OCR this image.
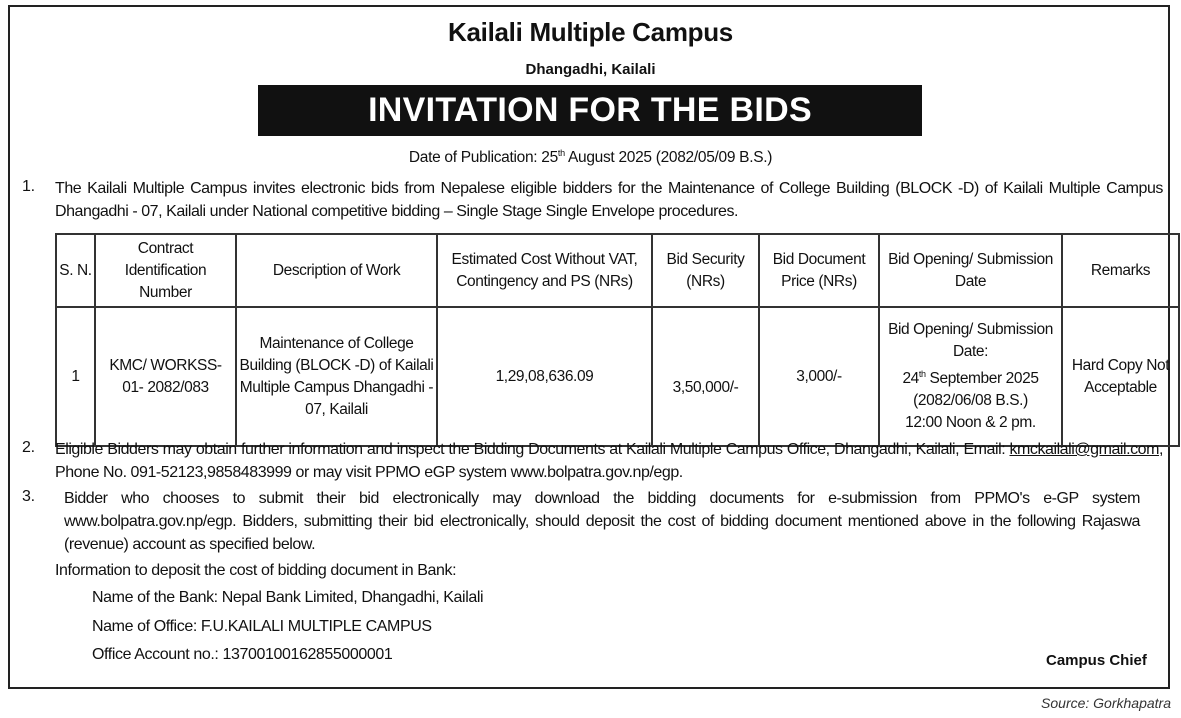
Kailali Multiple Campus
Dhangadhi, Kailali
INVITATION FOR THE BIDS
Date of Publication: 25th August 2025 (2082/05/09 B.S.)
1. The Kailali Multiple Campus invites electronic bids from Nepalese eligible bidders for the Maintenance of College Building (BLOCK -D) of Kailali Multiple Campus Dhangadhi - 07, Kailali under National competitive bidding – Single Stage Single Envelope procedures.
S. N.	Contract Identification Number	Description of Work	Estimated Cost Without VAT, Contingency and PS (NRs)	Bid Security (NRs)	Bid Document Price (NRs)	Bid Opening/ Submission Date	Remarks
1	KMC/ WORKSS- 01- 2082/083	Maintenance of College Building (BLOCK -D) of Kailali Multiple Campus Dhangadhi - 07, Kailali	1,29,08,636.09	3,50,000/-	3,000/-	Bid Opening/ Submission Date:
24th September 2025
(2082/06/08 B.S.)
12:00 Noon & 2 pm.	Hard Copy Not Acceptable
2. Eligible Bidders may obtain further information and inspect the Bidding Documents at Kailali Multiple Campus Office, Dhangadhi, Kailali, Email: kmckailali@gmail.com, Phone No. 091-52123,9858483999 or may visit PPMO eGP system www.bolpatra.gov.np/egp.
3. Bidder who chooses to submit their bid electronically may download the bidding documents for e-submission from PPMO's e-GP system www.bolpatra.gov.np/egp. Bidders, submitting their bid electronically, should deposit the cost of bidding document mentioned above in the following Rajaswa (revenue) account as specified below.
Information to deposit the cost of bidding document in Bank:
Name of the Bank: Nepal Bank Limited, Dhangadhi, Kailali
Name of Office: F.U.KAILALI MULTIPLE CAMPUS
Office Account no.: 13700100162855000001	Campus Chief
Source: Gorkhapatra
